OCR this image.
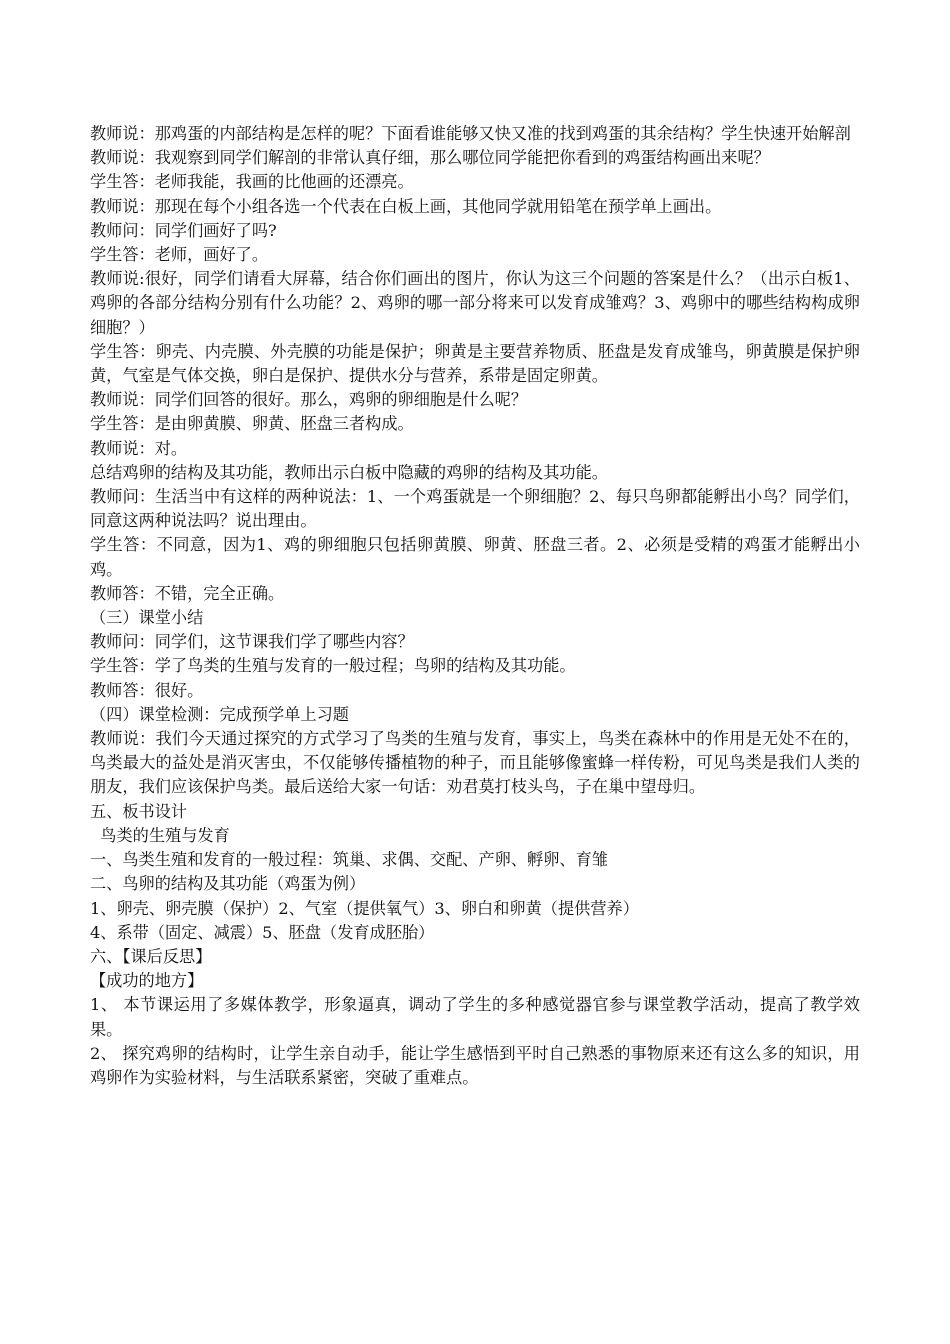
教师说：那鸡蛋的内部结构是怎样的呢？下面看谁能够又快又准的找到鸡蛋的其余结构？学生快速开始解剖

教师说：我观察到同学们解剖的非常认真仔细，那么哪位同学能把你看到的鸡蛋结构画出来呢？

学生答：老师我能，我画的比他画的还漂亮。

教师说：那现在每个小组各选一个代表在白板上画，其他同学就用铅笔在预学单上画出。

教师问：同学们画好了吗?

学生答：老师，画好了。

教师说:很好，同学们请看大屏幕，结合你们画出的图片，你认为这三个问题的答案是什么？（出示白板1、鸡卵的各部分结构分别有什么功能？2、鸡卵的哪一部分将来可以发育成雏鸡？3、鸡卵中的哪些结构构成卵细胞？）

学生答：卵壳、内壳膜、外壳膜的功能是保护；卵黄是主要营养物质、胚盘是发育成雏鸟，卵黄膜是保护卵黄，气室是气体交换，卵白是保护、提供水分与营养，系带是固定卵黄。

教师说：同学们回答的很好。那么，鸡卵的卵细胞是什么呢？

学生答：是由卵黄膜、卵黄、胚盘三者构成。

教师说：对。

总结鸡卵的结构及其功能，教师出示白板中隐藏的鸡卵的结构及其功能。

教师问：生活当中有这样的两种说法：1、一个鸡蛋就是一个卵细胞？2、每只鸟卵都能孵出小鸟？同学们，同意这两种说法吗？说出理由。

学生答：不同意，因为1、鸡的卵细胞只包括卵黄膜、卵黄、胚盘三者。2、必须是受精的鸡蛋才能孵出小鸡。

教师答：不错，完全正确。

（三）课堂小结

教师问：同学们，这节课我们学了哪些内容？

学生答：学了鸟类的生殖与发育的一般过程；鸟卵的结构及其功能。

教师答：很好。

（四）课堂检测：完成预学单上习题

教师说：我们今天通过探究的方式学习了鸟类的生殖与发育，事实上，鸟类在森林中的作用是无处不在的，鸟类最大的益处是消灭害虫，不仅能够传播植物的种子，而且能够像蜜蜂一样传粉，可见鸟类是我们人类的朋友，我们应该保护鸟类。最后送给大家一句话：劝君莫打枝头鸟，子在巢中望母归。

五、板书设计

鸟类的生殖与发育

一、鸟类生殖和发育的一般过程：筑巢、求偶、交配、产卵、孵卵、育雏

二、鸟卵的结构及其功能（鸡蛋为例）

1、卵壳、卵壳膜（保护）2、气室（提供氧气）3、卵白和卵黄（提供营养）

4、系带（固定、减震）5、胚盘（发育成胚胎）

六、【课后反思】

【成功的地方】

1、 本节课运用了多媒体教学，形象逼真，调动了学生的多种感觉器官参与课堂教学活动，提高了教学效果。

2、 探究鸡卵的结构时，让学生亲自动手，能让学生感悟到平时自己熟悉的事物原来还有这么多的知识，用鸡卵作为实验材料，与生活联系紧密，突破了重难点。
